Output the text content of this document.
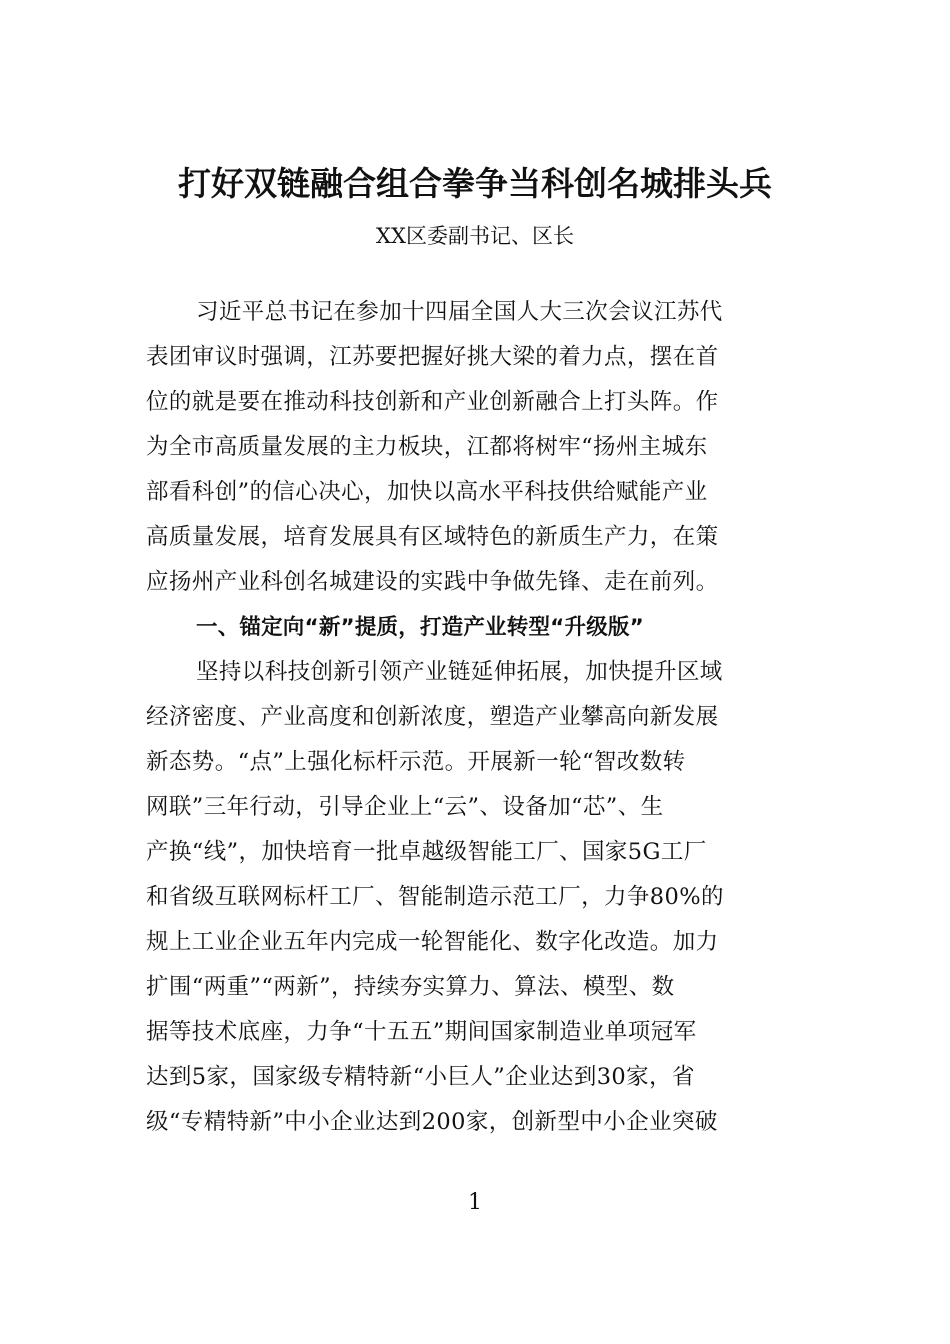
打好双链融合组合拳争当科创名城排头兵
XX区委副书记、区长
习近平总书记在参加十四届全国人大三次会议江苏代
表团审议时强调，江苏要把握好挑大梁的着力点，摆在首
位的就是要在推动科技创新和产业创新融合上打头阵。作
为全市高质量发展的主力板块，江都将树牢“扬州主城东
部看科创”的信心决心，加快以高水平科技供给赋能产业
高质量发展，培育发展具有区域特色的新质生产力，在策
应扬州产业科创名城建设的实践中争做先锋、走在前列。
一、锚定向“新”提质，打造产业转型“升级版”
坚持以科技创新引领产业链延伸拓展，加快提升区域
经济密度、产业高度和创新浓度，塑造产业攀高向新发展
新态势。“点”上强化标杆示范。开展新一轮“智改数转
网联”三年行动，引导企业上“云”、设备加“芯”、生
产换“线”，加快培育一批卓越级智能工厂、国家5G工厂
和省级互联网标杆工厂、智能制造示范工厂，力争80%的
规上工业企业五年内完成一轮智能化、数字化改造。加力
扩围“两重”“两新”，持续夯实算力、算法、模型、数
据等技术底座，力争“十五五”期间国家制造业单项冠军
达到5家，国家级专精特新“小巨人”企业达到30家，省
级“专精特新”中小企业达到200家，创新型中小企业突破
1
